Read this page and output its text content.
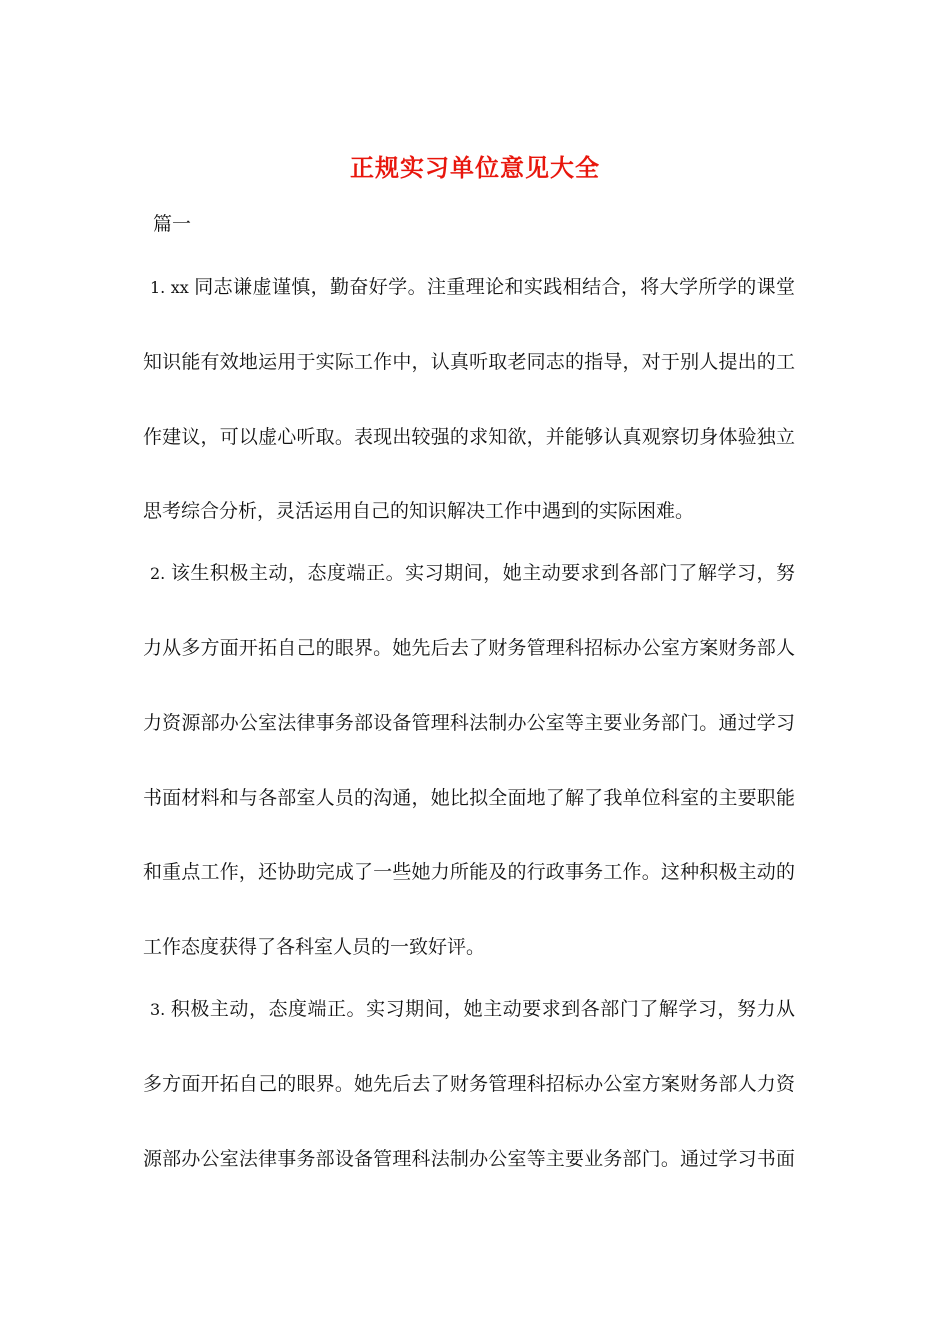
正规实习单位意见大全
篇一
1. xx 同志谦虚谨慎，勤奋好学。注重理论和实践相结合，将大学所学的课堂
知识能有效地运用于实际工作中，认真听取老同志的指导，对于别人提出的工
作建议，可以虚心听取。表现出较强的求知欲，并能够认真观察切身体验独立
思考综合分析，灵活运用自己的知识解决工作中遇到的实际困难。
2. 该生积极主动，态度端正。实习期间，她主动要求到各部门了解学习，努
力从多方面开拓自己的眼界。她先后去了财务管理科招标办公室方案财务部人
力资源部办公室法律事务部设备管理科法制办公室等主要业务部门。通过学习
书面材料和与各部室人员的沟通，她比拟全面地了解了我单位科室的主要职能
和重点工作，还协助完成了一些她力所能及的行政事务工作。这种积极主动的
工作态度获得了各科室人员的一致好评。
3. 积极主动，态度端正。实习期间，她主动要求到各部门了解学习，努力从
多方面开拓自己的眼界。她先后去了财务管理科招标办公室方案财务部人力资
源部办公室法律事务部设备管理科法制办公室等主要业务部门。通过学习书面
